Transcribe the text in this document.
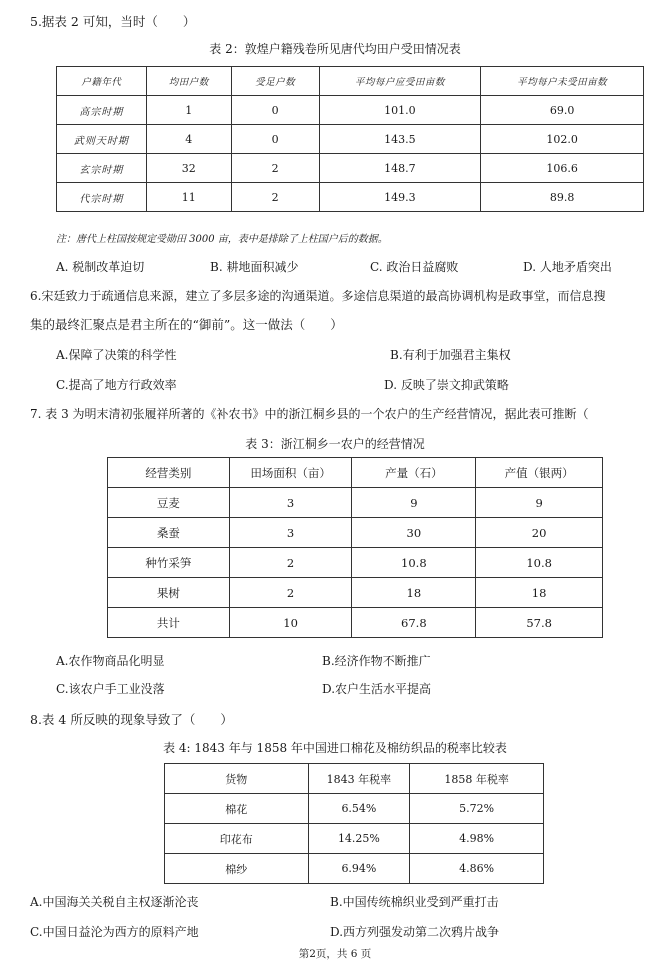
5.据表 2 可知，当时（　　）
表 2：敦煌户籍残卷所见唐代均田户受田情况表
户籍年代	均田户数	受足户数	平均每户应受田亩数	平均每户未受田亩数
高宗时期	1	0	101.0	69.0
武则天时期	4	0	143.5	102.0
玄宗时期	32	2	148.7	106.6
代宗时期	11	2	149.3	89.8
注：唐代上柱国按规定受勋田 3000 亩，表中是排除了上柱国户后的数据。
A. 税制改革迫切	B. 耕地面积减少	C. 政治日益腐败	D. 人地矛盾突出
6.宋廷致力于疏通信息来源，建立了多层多途的沟通渠道。多途信息渠道的最高协调机构是政事堂，而信息搜
集的最终汇聚点是君主所在的“御前”。这一做法（　　）
A.保障了决策的科学性	B.有利于加强君主集权
C.提高了地方行政效率	D. 反映了崇文抑武策略
7. 表 3 为明末清初张履祥所著的《补农书》中的浙江桐乡县的一个农户的生产经营情况，据此表可推断（
表 3：浙江桐乡一农户的经营情况
经营类别	田场面积（亩）	产量（石）	产值（银两）
豆麦	3	9	9
桑蚕	3	30	20
种竹采笋	2	10.8	10.8
果树	2	18	18
共计	10	67.8	57.8
A.农作物商品化明显	B.经济作物不断推广
C.该农户手工业没落	D.农户生活水平提高
8.表 4 所反映的现象导致了（　　）
表 4: 1843 年与 1858 年中国进口棉花及棉纺织品的税率比较表
货物	1843 年税率	1858 年税率
棉花	6.54%	5.72%
印花布	14.25%	4.98%
棉纱	6.94%	4.86%
A.中国海关关税自主权逐渐沦丧	B.中国传统棉织业受到严重打击
C.中国日益沦为西方的原料产地	D.西方列强发动第二次鸦片战争
第2页，共 6 页
